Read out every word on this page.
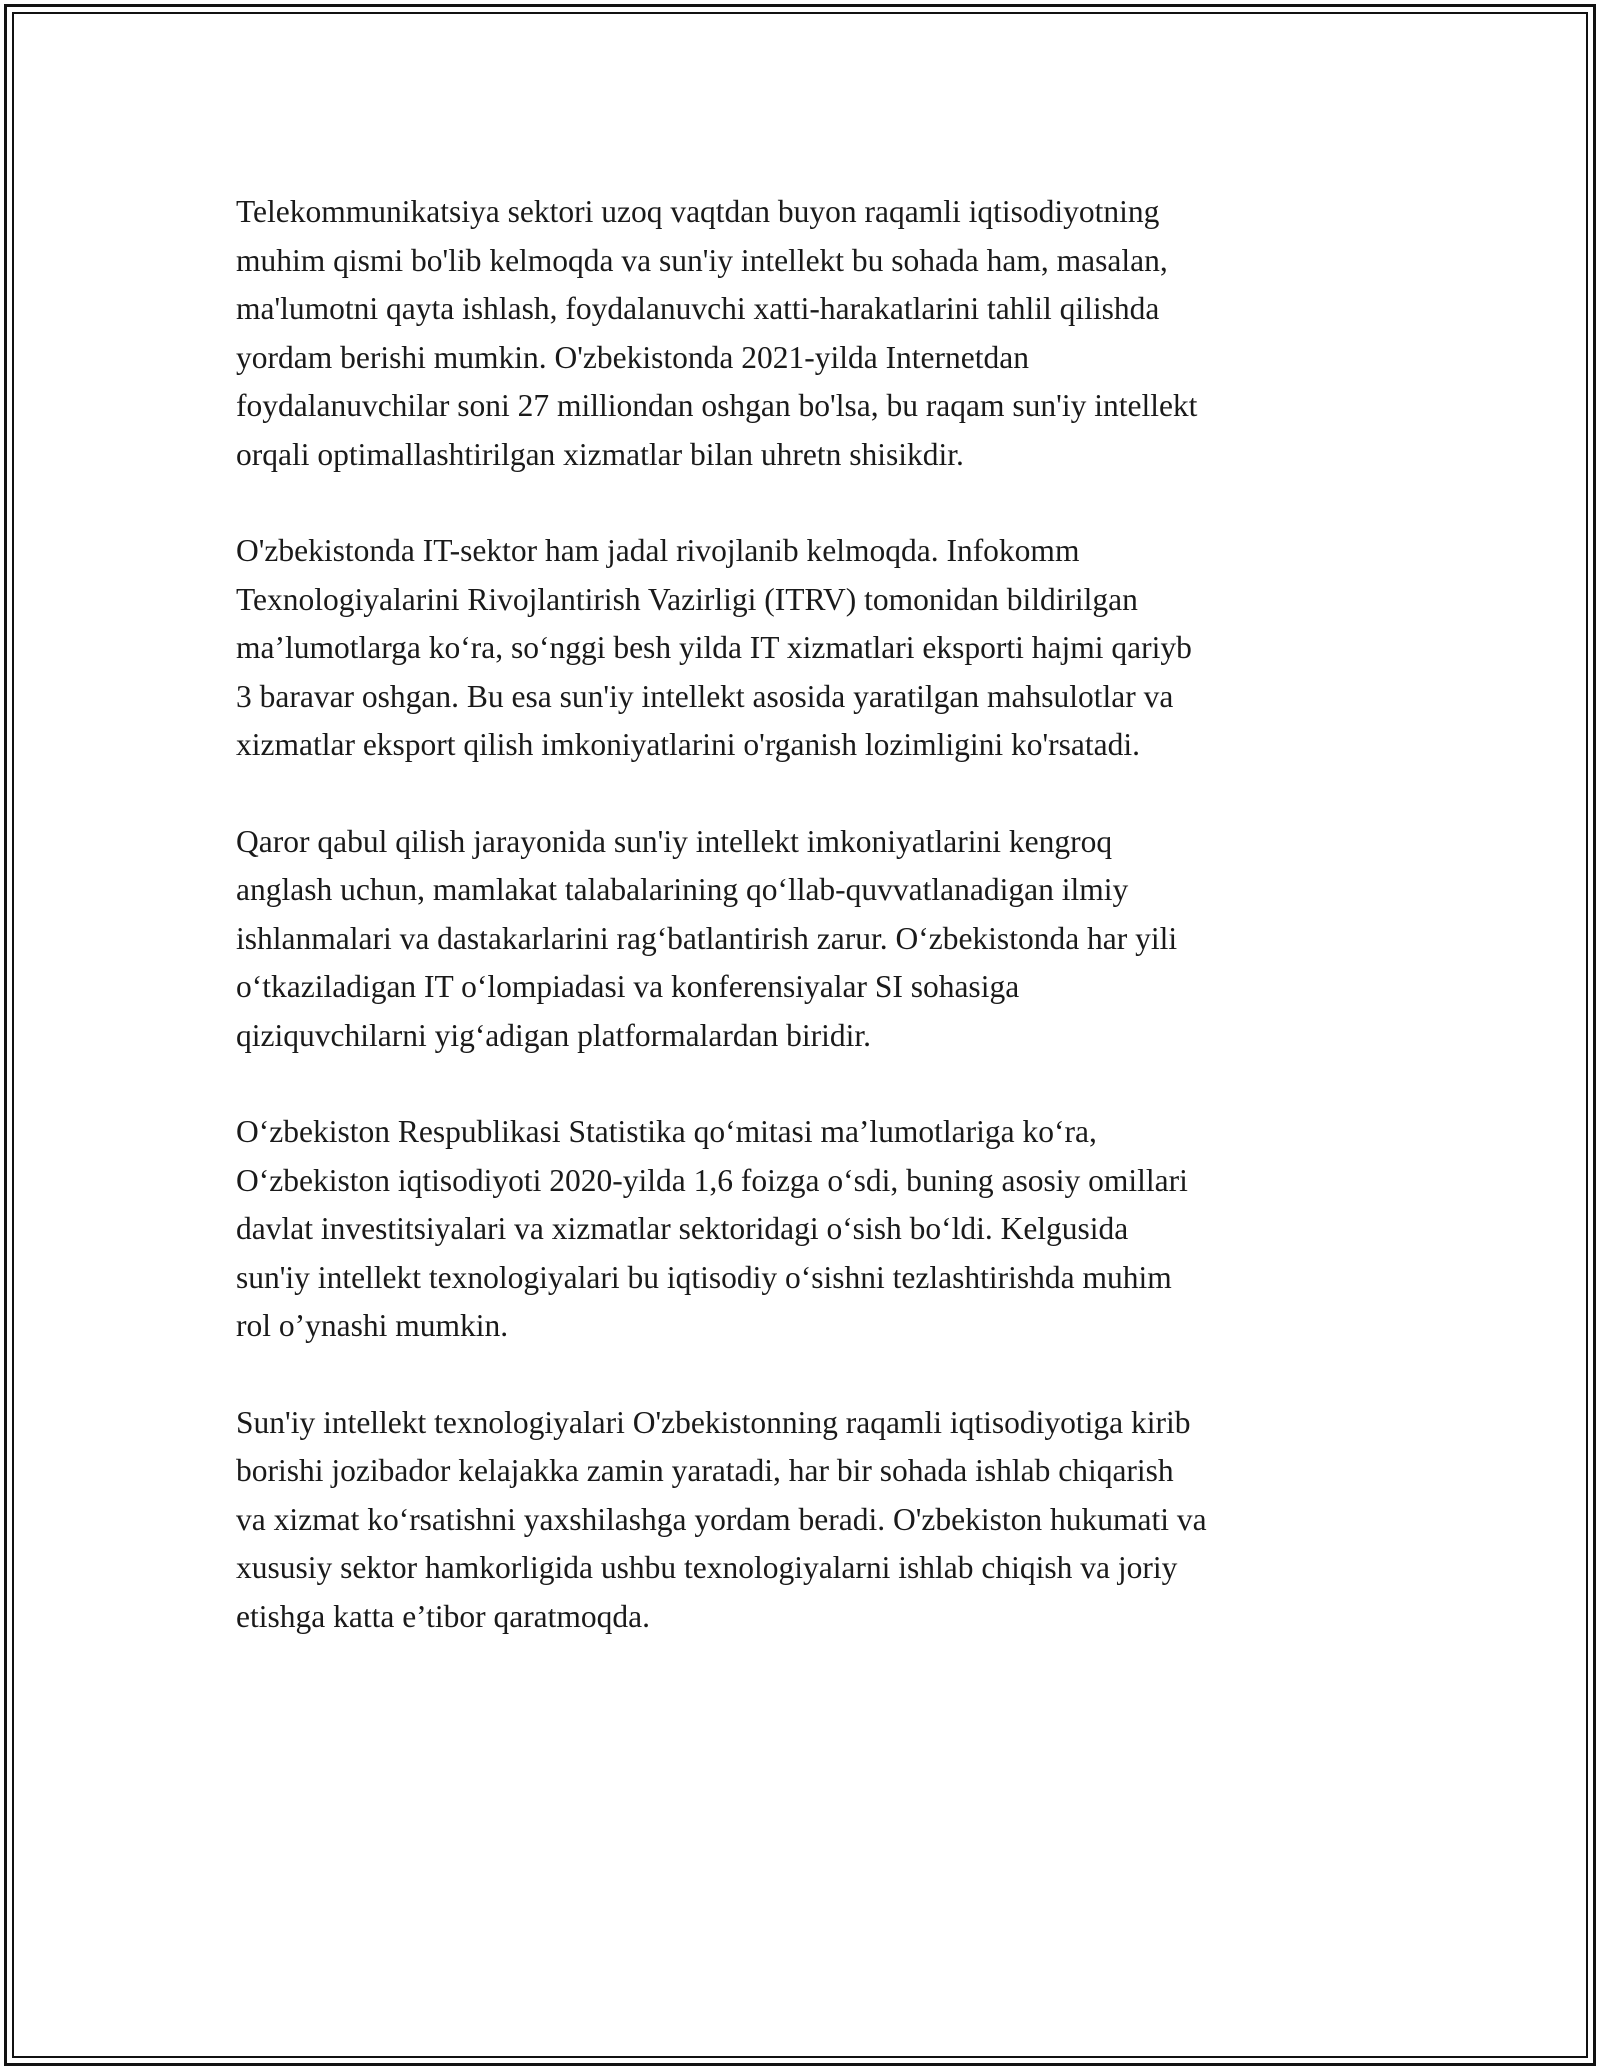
Telekommunikatsiya sektori uzoq vaqtdan buyon raqamli iqtisodiyotning
muhim qismi bo'lib kelmoqda va sun'iy intellekt bu sohada ham, masalan,
ma'lumotni qayta ishlash, foydalanuvchi xatti-harakatlarini tahlil qilishda
yordam berishi mumkin. O'zbekistonda 2021-yilda Internetdan
foydalanuvchilar soni 27 milliondan oshgan bo'lsa, bu raqam sun'iy intellekt
orqali optimallashtirilgan xizmatlar bilan uhretn shisikdir.

O'zbekistonda IT-sektor ham jadal rivojlanib kelmoqda. Infokomm
Texnologiyalarini Rivojlantirish Vazirligi (ITRV) tomonidan bildirilgan
ma’lumotlarga ko‘ra, so‘nggi besh yilda IT xizmatlari eksporti hajmi qariyb
3 baravar oshgan. Bu esa sun'iy intellekt asosida yaratilgan mahsulotlar va
xizmatlar eksport qilish imkoniyatlarini o'rganish lozimligini ko'rsatadi.

Qaror qabul qilish jarayonida sun'iy intellekt imkoniyatlarini kengroq
anglash uchun, mamlakat talabalarining qo‘llab-quvvatlanadigan ilmiy
ishlanmalari va dastakarlarini rag‘batlantirish zarur. O‘zbekistonda har yili
o‘tkaziladigan IT o‘lompiadasi va konferensiyalar SI sohasiga
qiziquvchilarni yig‘adigan platformalardan biridir.

O‘zbekiston Respublikasi Statistika qo‘mitasi ma’lumotlariga ko‘ra,
O‘zbekiston iqtisodiyoti 2020-yilda 1,6 foizga o‘sdi, buning asosiy omillari
davlat investitsiyalari va xizmatlar sektoridagi o‘sish bo‘ldi. Kelgusida
sun'iy intellekt texnologiyalari bu iqtisodiy o‘sishni tezlashtirishda muhim
rol o’ynashi mumkin.

Sun'iy intellekt texnologiyalari O'zbekistonning raqamli iqtisodiyotiga kirib
borishi jozibador kelajakka zamin yaratadi, har bir sohada ishlab chiqarish
va xizmat ko‘rsatishni yaxshilashga yordam beradi. O'zbekiston hukumati va
xususiy sektor hamkorligida ushbu texnologiyalarni ishlab chiqish va joriy
etishga katta e’tibor qaratmoqda.
